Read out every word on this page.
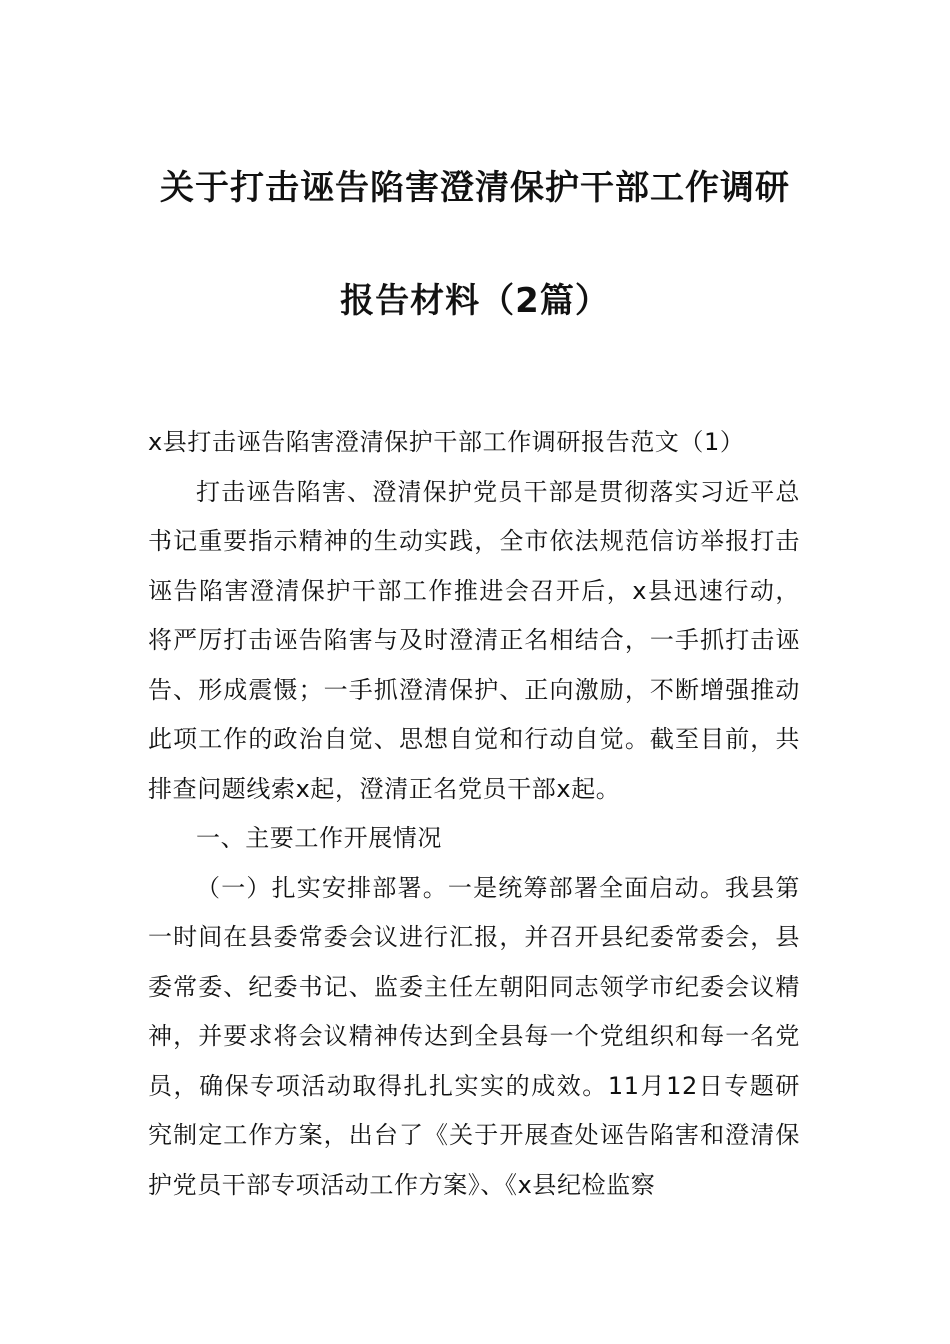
关于打击诬告陷害澄清保护干部工作调研
报告材料（2篇）

x县打击诬告陷害澄清保护干部工作调研报告范文（1）

打击诬告陷害、澄清保护党员干部是贯彻落实习近平总书记重要指示精神的生动实践，全市依法规范信访举报打击诬告陷害澄清保护干部工作推进会召开后，x县迅速行动，将严厉打击诬告陷害与及时澄清正名相结合，一手抓打击诬告、形成震慑；一手抓澄清保护、正向激励，不断增强推动此项工作的政治自觉、思想自觉和行动自觉。截至目前，共排查问题线索x起，澄清正名党员干部x起。

一、主要工作开展情况

（一）扎实安排部署。一是统筹部署全面启动。我县第一时间在县委常委会议进行汇报，并召开县纪委常委会，县委常委、纪委书记、监委主任左朝阳同志领学市纪委会议精神，并要求将会议精神传达到全县每一个党组织和每一名党员，确保专项活动取得扎扎实实的成效。11月12日专题研究制定工作方案，出台了《关于开展查处诬告陷害和澄清保护党员干部专项活动工作方案》、《x县纪检监察
